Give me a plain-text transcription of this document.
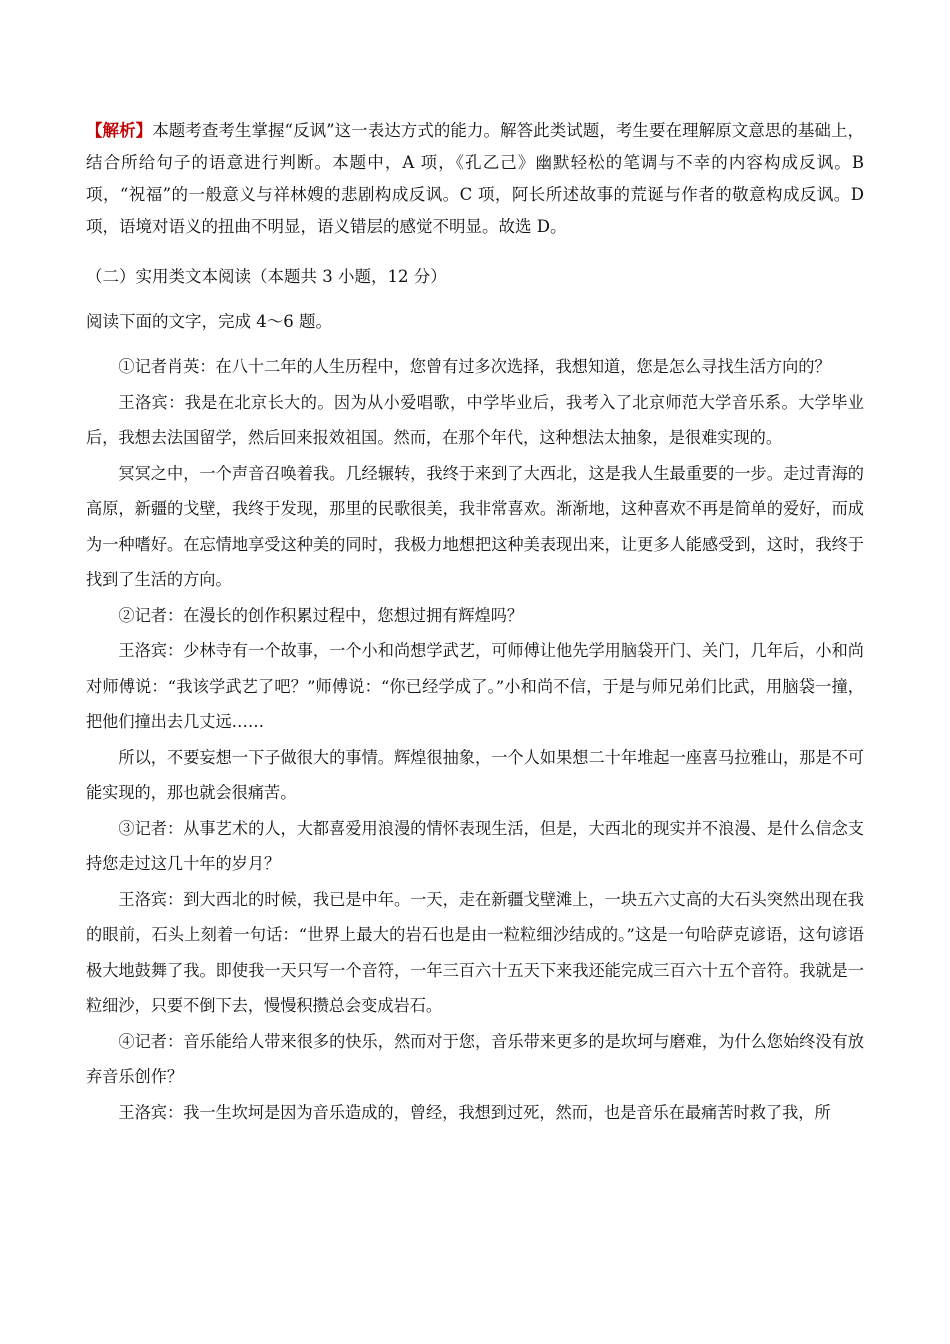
【解析】本题考查考生掌握“反讽”这一表达方式的能力。解答此类试题，考生要在理解原文意思的基础上，结合所给句子的语意进行判断。本题中，A 项，《孔乙己》幽默轻松的笔调与不幸的内容构成反讽。B 项，“祝福”的一般意义与祥林嫂的悲剧构成反讽。C 项，阿长所述故事的荒诞与作者的敬意构成反讽。D 项，语境对语义的扭曲不明显，语义错层的感觉不明显。故选 D。

（二）实用类文本阅读（本题共 3 小题，12 分）

阅读下面的文字，完成 4～6 题。

①记者肖英：在八十二年的人生历程中，您曾有过多次选择，我想知道，您是怎么寻找生活方向的？

王洛宾：我是在北京长大的。因为从小爱唱歌，中学毕业后，我考入了北京师范大学音乐系。大学毕业后，我想去法国留学，然后回来报效祖国。然而，在那个年代，这种想法太抽象，是很难实现的。

冥冥之中，一个声音召唤着我。几经辗转，我终于来到了大西北，这是我人生最重要的一步。走过青海的高原，新疆的戈壁，我终于发现，那里的民歌很美，我非常喜欢。渐渐地，这种喜欢不再是简单的爱好，而成为一种嗜好。在忘情地享受这种美的同时，我极力地想把这种美表现出来，让更多人能感受到，这时，我终于找到了生活的方向。

②记者：在漫长的创作积累过程中，您想过拥有辉煌吗？

王洛宾：少林寺有一个故事，一个小和尚想学武艺，可师傅让他先学用脑袋开门、关门，几年后，小和尚对师傅说：“我该学武艺了吧？”师傅说：“你已经学成了。”小和尚不信，于是与师兄弟们比武，用脑袋一撞，把他们撞出去几丈远……

所以，不要妄想一下子做很大的事情。辉煌很抽象，一个人如果想二十年堆起一座喜马拉雅山，那是不可能实现的，那也就会很痛苦。

③记者：从事艺术的人，大都喜爱用浪漫的情怀表现生活，但是，大西北的现实并不浪漫、是什么信念支持您走过这几十年的岁月？

王洛宾：到大西北的时候，我已是中年。一天，走在新疆戈壁滩上，一块五六丈高的大石头突然出现在我的眼前，石头上刻着一句话：“世界上最大的岩石也是由一粒粒细沙结成的。”这是一句哈萨克谚语，这句谚语极大地鼓舞了我。即使我一天只写一个音符，一年三百六十五天下来我还能完成三百六十五个音符。我就是一粒细沙，只要不倒下去，慢慢积攒总会变成岩石。

④记者：音乐能给人带来很多的快乐，然而对于您，音乐带来更多的是坎坷与磨难，为什么您始终没有放弃音乐创作？

王洛宾：我一生坎坷是因为音乐造成的，曾经，我想到过死，然而，也是音乐在最痛苦时救了我，所
